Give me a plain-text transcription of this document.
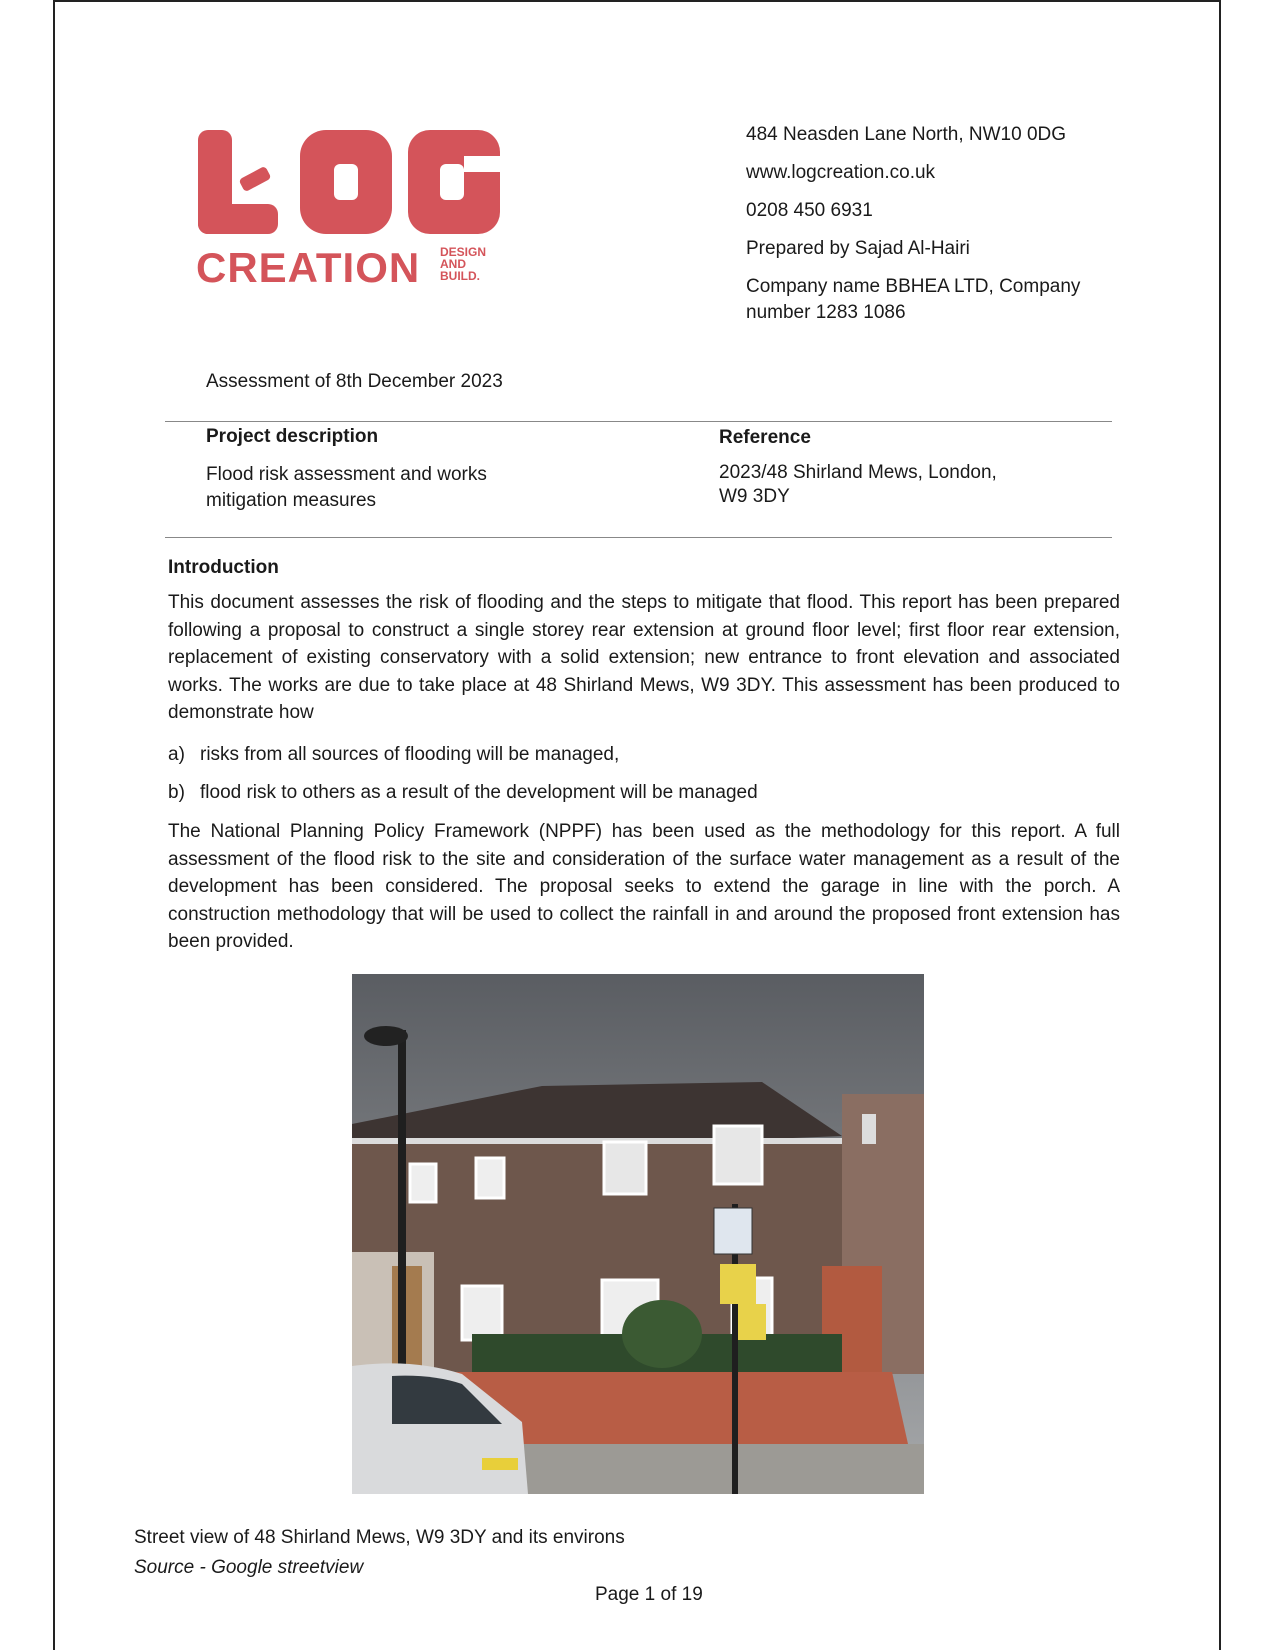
CREATION DESIGN
AND
BUILD.
484 Neasden Lane North, NW10 0DG
www.logcreation.co.uk
0208 450 6931
Prepared by Sajad Al-Hairi
Company name BBHEA LTD, Company
number 1283 1086
Assessment of 8th December 2023
Project description
Flood risk assessment and works mitigation measures
Reference
2023/48 Shirland Mews, London,
W9 3DY
Introduction

This document assesses the risk of flooding and the steps to mitigate that flood. This report has been prepared following a proposal to construct a single storey rear extension at ground floor level; first floor rear extension, replacement of existing conservatory with a solid extension; new entrance to front elevation and associated works. The works are due to take place at 48 Shirland Mews, W9 3DY. This assessment has been produced to demonstrate how

a) risks from all sources of flooding will be managed,
b) flood risk to others as a result of the development will be managed

The National Planning Policy Framework (NPPF) has been used as the methodology for this report. A full assessment of the flood risk to the site and consideration of the surface water management as a result of the development has been considered. The proposal seeks to extend the garage in line with the porch. A construction methodology that will be used to collect the rainfall in and around the proposed front extension has been provided.

Street view of 48 Shirland Mews, W9 3DY and its environs
Source - Google streetview
Page 1 of 19
